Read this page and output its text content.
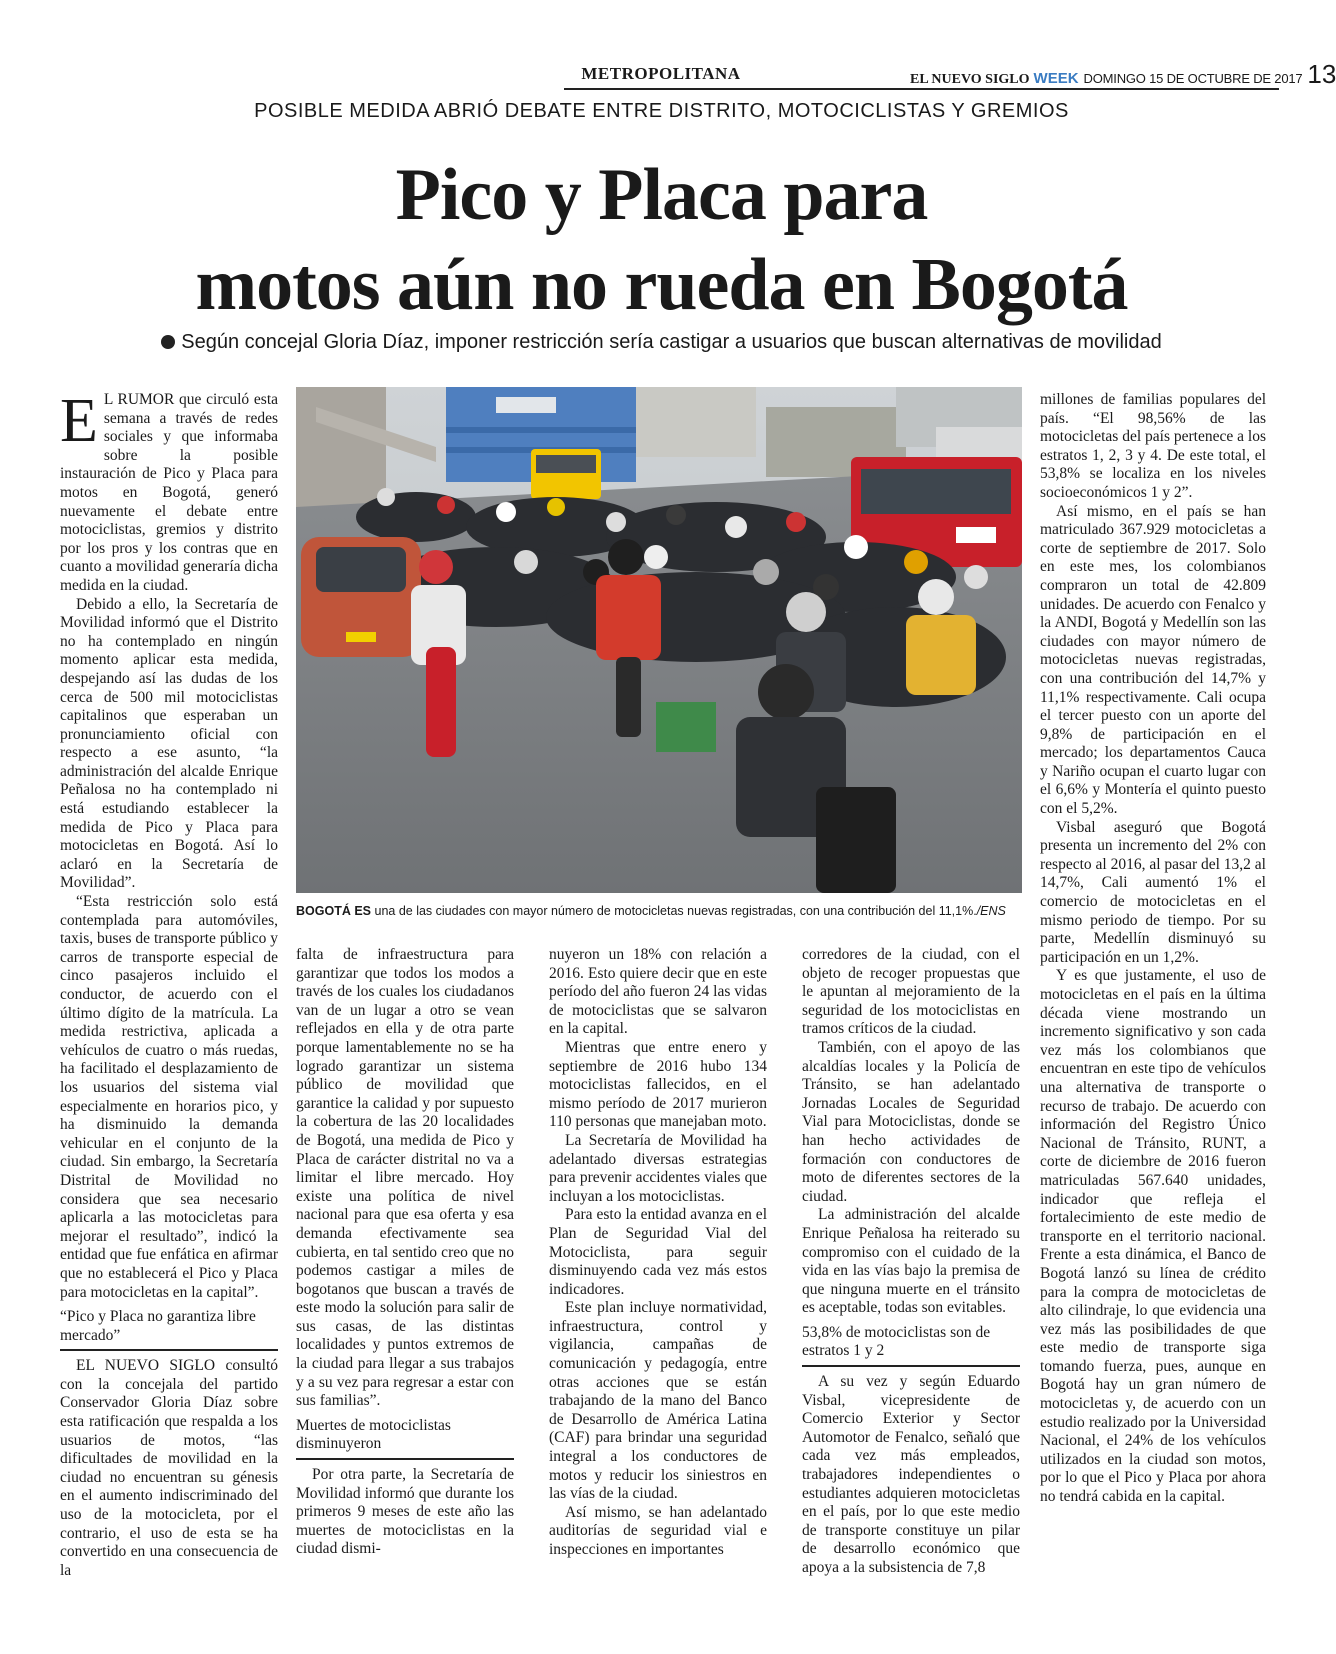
METROPOLITANA	EL NUEVO SIGLO WEEK DOMINGO 15 DE OCTUBRE DE 2017 13
POSIBLE MEDIDA ABRIÓ DEBATE ENTRE DISTRITO, MOTOCICLISTAS Y GREMIOS
Pico y Placa para
motos aún no rueda en Bogotá
Según concejal Gloria Díaz, imponer restricción sería castigar a usuarios que buscan alternativas de movilidad
BOGOTÁ ES una de las ciudades con mayor número de motocicletas nuevas registradas, con una contribución del 11,1%./ENS
E L RUMOR que circuló esta semana a través de redes sociales y que informaba sobre la posible instauración de Pico y Placa para motos en Bogotá, generó nuevamente el debate entre motociclistas, gremios y distrito por los pros y los contras que en cuanto a movilidad generaría dicha medida en la ciudad.

Debido a ello, la Secretaría de Movilidad informó que el Distrito no ha contemplado en ningún momento aplicar esta medida, despejando así las dudas de los cerca de 500 mil motociclistas capitalinos que esperaban un pronunciamiento oficial con respecto a ese asunto, “la administración del alcalde Enrique Peñalosa no ha contemplado ni está estudiando establecer la medida de Pico y Placa para motocicletas en Bogotá. Así lo aclaró en la Secretaría de Movilidad”.

“Esta restricción solo está contemplada para automóviles, taxis, buses de transporte público y carros de transporte especial de cinco pasajeros incluido el conductor, de acuerdo con el último dígito de la matrícula. La medida restrictiva, aplicada a vehículos de cuatro o más ruedas, ha facilitado el desplazamiento de los usuarios del sistema vial especialmente en horarios pico, y ha disminuido la demanda vehicular en el conjunto de la ciudad. Sin embargo, la Secretaría Distrital de Movilidad no considera que sea necesario aplicarla a las motocicletas para mejorar el resultado”, indicó la entidad que fue enfática en afirmar que no establecerá el Pico y Placa para motocicletas en la capital”.

“Pico y Placa no garantiza libre mercado”

EL NUEVO SIGLO consultó con la concejala del partido Conservador Gloria Díaz sobre esta ratificación que respalda a los usuarios de motos, “las dificultades de movilidad en la ciudad no encuentran su génesis en el aumento indiscriminado del uso de la motocicleta, por el contrario, el uso de esta se ha convertido en una consecuencia de la

falta de infraestructura para garantizar que todos los modos a través de los cuales los ciudadanos van de un lugar a otro se vean reflejados en ella y de otra parte porque lamentablemente no se ha logrado garantizar un sistema público de movilidad que garantice la calidad y por supuesto la cobertura de las 20 localidades de Bogotá, una medida de Pico y Placa de carácter distrital no va a limitar el libre mercado. Hoy existe una política de nivel nacional para que esa oferta y esa demanda efectivamente sea cubierta, en tal sentido creo que no podemos castigar a miles de bogotanos que buscan a través de este modo la solución para salir de sus casas, de las distintas localidades y puntos extremos de la ciudad para llegar a sus trabajos y a su vez para regresar a estar con sus familias”.

Muertes de motociclistas disminuyeron

Por otra parte, la Secretaría de Movilidad informó que durante los primeros 9 meses de este año las muertes de motociclistas en la ciudad dismi-

nuyeron un 18% con relación a 2016. Esto quiere decir que en este período del año fueron 24 las vidas de motociclistas que se salvaron en la capital.

Mientras que entre enero y septiembre de 2016 hubo 134 motociclistas fallecidos, en el mismo período de 2017 murieron 110 personas que manejaban moto.

La Secretaría de Movilidad ha adelantado diversas estrategias para prevenir accidentes viales que incluyan a los motociclistas.

Para esto la entidad avanza en el Plan de Seguridad Vial del Motociclista, para seguir disminuyendo cada vez más estos indicadores.

Este plan incluye normatividad, infraestructura, control y vigilancia, campañas de comunicación y pedagogía, entre otras acciones que se están trabajando de la mano del Banco de Desarrollo de América Latina (CAF) para brindar una seguridad integral a los conductores de motos y reducir los siniestros en las vías de la ciudad.

Así mismo, se han adelantado auditorías de seguridad vial e inspecciones en importantes

corredores de la ciudad, con el objeto de recoger propuestas que le apuntan al mejoramiento de la seguridad de los motociclistas en tramos críticos de la ciudad.

También, con el apoyo de las alcaldías locales y la Policía de Tránsito, se han adelantado Jornadas Locales de Seguridad Vial para Motociclistas, donde se han hecho actividades de formación con conductores de moto de diferentes sectores de la ciudad.

La administración del alcalde Enrique Peñalosa ha reiterado su compromiso con el cuidado de la vida en las vías bajo la premisa de que ninguna muerte en el tránsito es aceptable, todas son evitables.

53,8% de motociclistas son de estratos 1 y 2

A su vez y según Eduardo Visbal, vicepresidente de Comercio Exterior y Sector Automotor de Fenalco, señaló que cada vez más empleados, trabajadores independientes o estudiantes adquieren motocicletas en el país, por lo que este medio de transporte constituye un pilar de desarrollo económico que apoya a la subsistencia de 7,8

millones de familias populares del país. “El 98,56% de las motocicletas del país pertenece a los estratos 1, 2, 3 y 4. De este total, el 53,8% se localiza en los niveles socioeconómicos 1 y 2”.

Así mismo, en el país se han matriculado 367.929 motocicletas a corte de septiembre de 2017. Solo en este mes, los colombianos compraron un total de 42.809 unidades. De acuerdo con Fenalco y la ANDI, Bogotá y Medellín son las ciudades con mayor número de motocicletas nuevas registradas, con una contribución del 14,7% y 11,1% respectivamente. Cali ocupa el tercer puesto con un aporte del 9,8% de participación en el mercado; los departamentos Cauca y Nariño ocupan el cuarto lugar con el 6,6% y Montería el quinto puesto con el 5,2%.

Visbal aseguró que Bogotá presenta un incremento del 2% con respecto al 2016, al pasar del 13,2 al 14,7%, Cali aumentó 1% el comercio de motocicletas en el mismo periodo de tiempo. Por su parte, Medellín disminuyó su participación en un 1,2%.

Y es que justamente, el uso de motocicletas en el país en la última década viene mostrando un incremento significativo y son cada vez más los colombianos que encuentran en este tipo de vehículos una alternativa de transporte o recurso de trabajo. De acuerdo con información del Registro Único Nacional de Tránsito, RUNT, a corte de diciembre de 2016 fueron matriculadas 567.640 unidades, indicador que refleja el fortalecimiento de este medio de transporte en el territorio nacional. Frente a esta dinámica, el Banco de Bogotá lanzó su línea de crédito para la compra de motocicletas de alto cilindraje, lo que evidencia una vez más las posibilidades de que este medio de transporte siga tomando fuerza, pues, aunque en Bogotá hay un gran número de motocicletas y, de acuerdo con un estudio realizado por la Universidad Nacional, el 24% de los vehículos utilizados en la ciudad son motos, por lo que el Pico y Placa por ahora no tendrá cabida en la capital.
